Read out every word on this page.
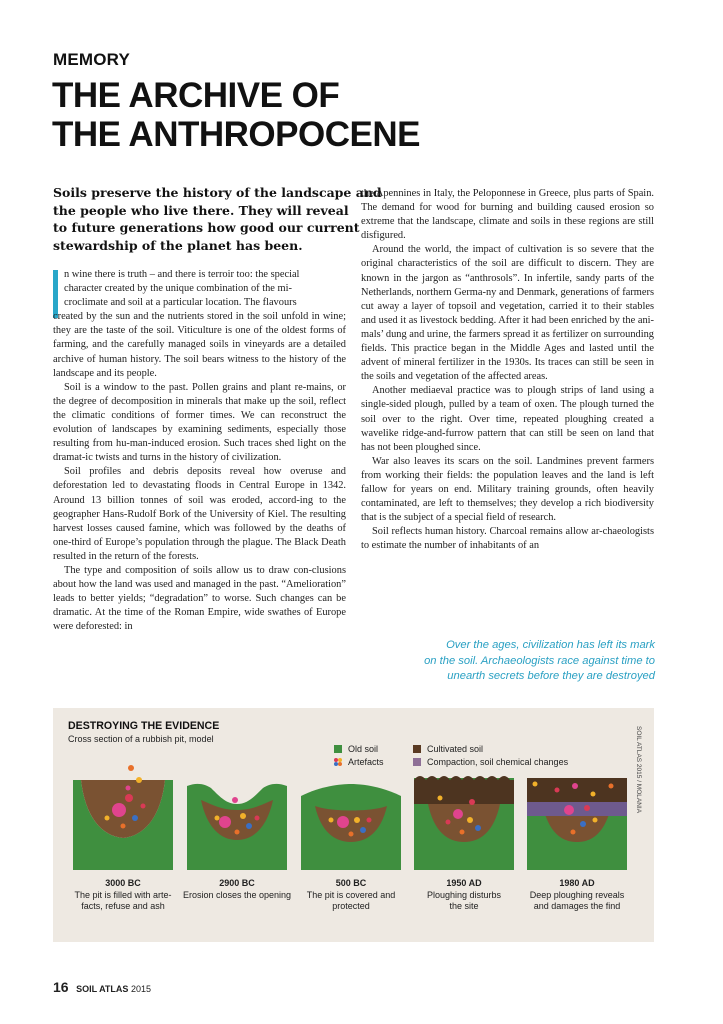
MEMORY
THE ARCHIVE OF
THE ANTHROPOCENE
Soils preserve the history of the landscape and
the people who live there. They will reveal
to future generations how good our current
stewardship of the planet has been.
n wine there is truth – and there is terroir too: the special
character created by the unique combination of the mi-
croclimate and soil at a particular location. The flavours

created by the sun and the nutrients stored in the soil unfold in wine; they are the taste of the soil. Viticulture is one of the oldest forms of farming, and the carefully managed soils in vineyards are a detailed archive of human history. The soil bears witness to the history of the landscape and its people.

Soil is a window to the past. Pollen grains and plant re-mains, or the degree of decomposition in minerals that make up the soil, reflect the climatic conditions of former times. We can reconstruct the evolution of landscapes by examining sediments, especially those resulting from hu-man-induced erosion. Such traces shed light on the dramat-ic twists and turns in the history of civilization.

Soil profiles and debris deposits reveal how overuse and deforestation led to devastating floods in Central Europe in 1342. Around 13 billion tonnes of soil was eroded, accord-ing to the geographer Hans-Rudolf Bork of the University of Kiel. The resulting harvest losses caused famine, which was followed by the deaths of one-third of Europe’s population through the plague. The Black Death resulted in the return of the forests.

The type and composition of soils allow us to draw con-clusions about how the land was used and managed in the past. “Amelioration” leads to better yields; “degradation” to worse. Such changes can be dramatic. At the time of the Roman Empire, wide swathes of Europe were deforested: in

the Apennines in Italy, the Peloponnese in Greece, plus parts of Spain. The demand for wood for burning and building caused erosion so extreme that the landscape, climate and soils in these regions are still disfigured.

Around the world, the impact of cultivation is so severe that the original characteristics of the soil are difficult to discern. They are known in the jargon as “anthrosols”. In infertile, sandy parts of the Netherlands, northern Germa-ny and Denmark, generations of farmers cut away a layer of topsoil and vegetation, carried it to their stables and used it as livestock bedding. After it had been enriched by the ani-mals’ dung and urine, the farmers spread it as fertilizer on surrounding fields. This practice began in the Middle Ages and lasted until the advent of mineral fertilizer in the 1930s. Its traces can still be seen in the soils and vegetation of the affected areas.

Another mediaeval practice was to plough strips of land using a single-sided plough, pulled by a team of oxen. The plough turned the soil over to the right. Over time, repeated ploughing created a wavelike ridge-and-furrow pattern that can still be seen on land that has not been ploughed since.

War also leaves its scars on the soil. Landmines prevent farmers from working their fields: the population leaves and the land is left fallow for years on end. Military training grounds, often heavily contaminated, are left to themselves; they develop a rich biodiversity that is the subject of a special field of research.

Soil reflects human history. Charcoal remains allow ar-chaeologists to estimate the number of inhabitants of an

Over the ages, civilization has left its mark
on the soil. Archaeologists race against time to
unearth secrets before they are destroyed
DESTROYING THE EVIDENCE
Cross section of a rubbish pit, model	SOIL ATLAS 2015 / MOLANIA
Old soil
Artefacts
Cultivated soil
Compaction, soil chemical changes
3000 BC
The pit is filled with arte-
facts, refuse and ash
2900 BC
Erosion closes the opening
500 BC
The pit is covered and
protected
1950 AD
Ploughing disturbs
the site
1980 AD
Deep ploughing reveals
and damages the find
16 SOIL ATLAS 2015
